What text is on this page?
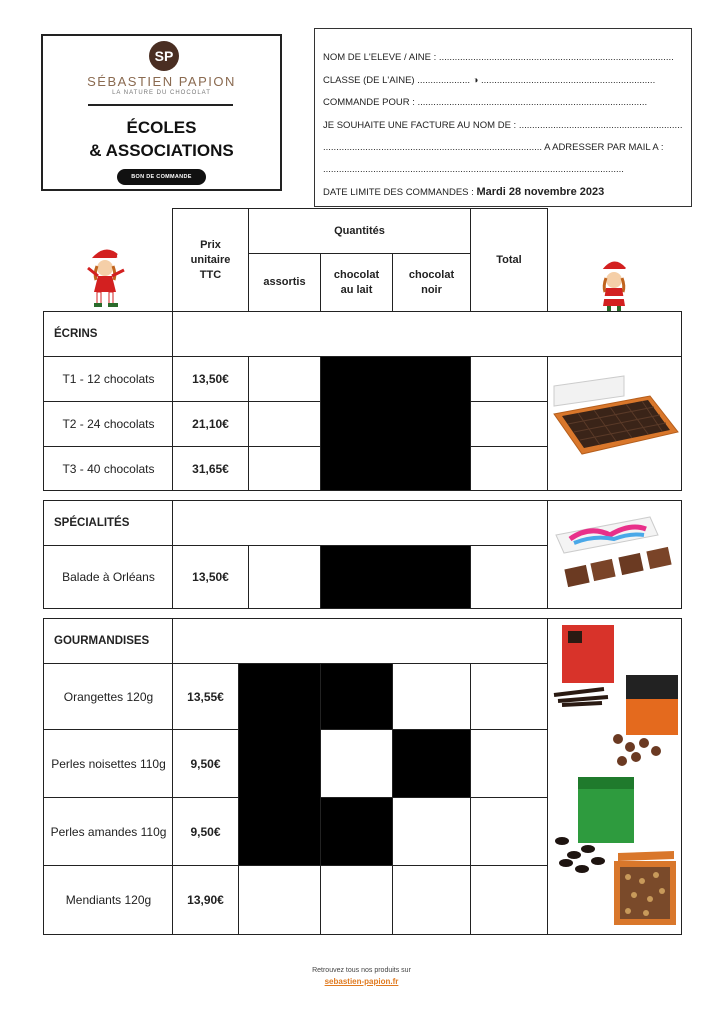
SP
SÉBASTIEN PAPION
LA NATURE DU CHOCOLAT
ÉCOLES
& ASSOCIATIONS
BON DE COMMANDE
NOM DE L'ELEVE / AINE : .........................................................................................
CLASSE (DE L'AINE) .................... ◑ ..................................................................
COMMANDE POUR : .......................................................................................
JE SOUHAITE UNE FACTURE AU NOM DE : ..............................................................
................................................................................... A ADRESSER PAR MAIL A :
..................................................................................................................
DATE LIMITE DES COMMANDES : Mardi 28 novembre 2023
Prix unitaire TTC
Quantités
assortis
chocolat au lait
chocolat noir
Total
ÉCRINS
T1 - 12 chocolats	13,50€
T2 - 24 chocolats	21,10€
T3 - 40 chocolats	31,65€
SPÉCIALITÉS
Balade à Orléans	13,50€
GOURMANDISES
Orangettes 120g	13,55€
Perles noisettes 110g	9,50€
Perles amandes 110g	9,50€
Mendiants 120g	13,90€
Retrouvez tous nos produits sur
sebastien-papion.fr
